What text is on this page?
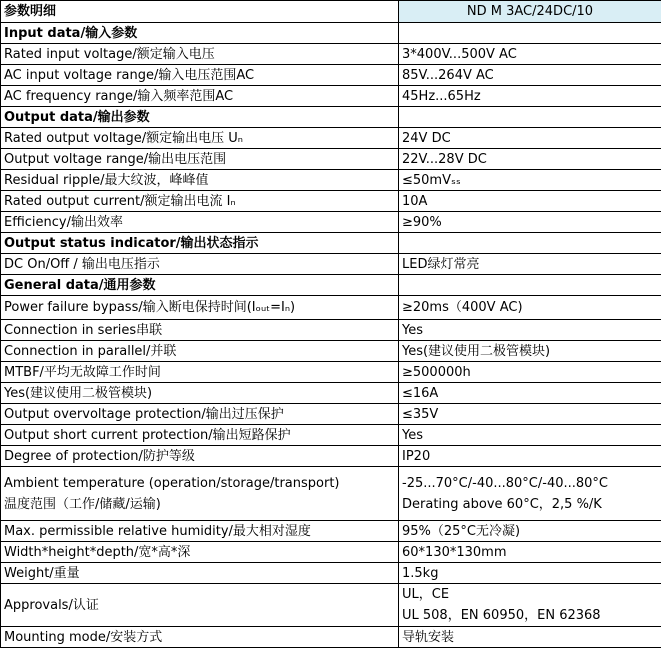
参数明细	ND M 3AC/24DC/10
Input data/输入参数	
Rated input voltage/额定输入电压	3*400V...500V AC
AC input voltage range/输入电压范围AC	85V...264V AC
AC frequency range/输入频率范围AC	45Hz...65Hz
Output data/输出参数	
Rated output voltage/额定输出电压 Uₙ	24V DC
Output voltage range/输出电压范围	22V...28V DC
Residual ripple/最大纹波，峰峰值	≤50mVₛₛ
Rated output current/额定输出电流 Iₙ	10A
Efficiency/输出效率	≥90%
Output status indicator/输出状态指示	
DC On/Off / 输出电压指示	LED绿灯常亮
General data/通用参数	
Power failure bypass/输入断电保持时间(Iₒᵤₜ=Iₙ)	≥20ms（400V AC)
Connection in series串联	Yes
Connection in parallel/并联	Yes(建议使用二极管模块)
MTBF/平均无故障工作时间	≥500000h
Yes(建议使用二极管模块)	≤16A
Output overvoltage protection/输出过压保护	≤35V
Output short current protection/输出短路保护	Yes
Degree of protection/防护等级	IP20

Ambient temperature (operation/storage/transport)
温度范围（工作/储藏/运输)	-25...70°C/-40...80°C/-40...80°C
Derating above 60°C，2,5 %/K

Max. permissible relative humidity/最大相对湿度	95%（25°C无冷凝)
Width*height*depth/宽*高*深	60*130*130mm
Weight/重量	1.5kg

Approvals/认证	UL，CE
UL 508，EN 60950，EN 62368

Mounting mode/安装方式	导轨安装
